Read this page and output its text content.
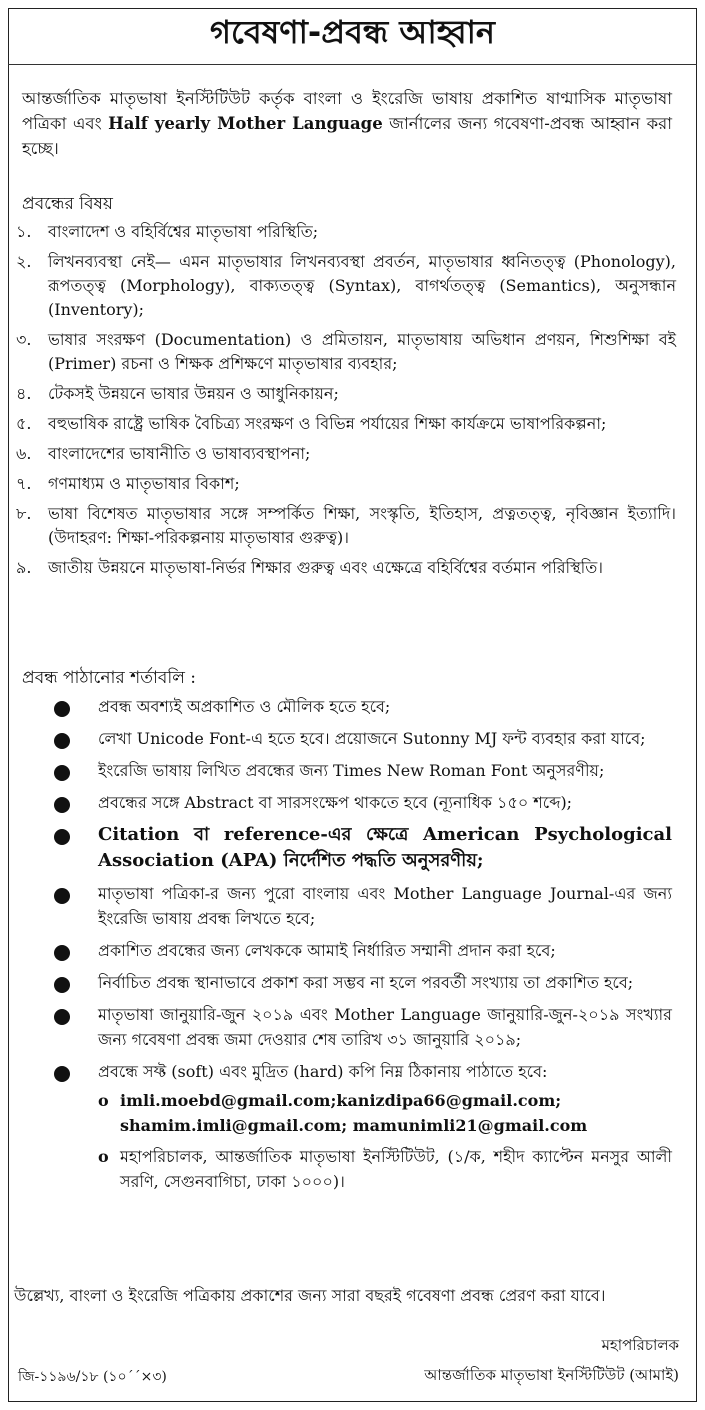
গবেষণা-প্রবন্ধ আহ্বান

আন্তর্জাতিক মাতৃভাষা ইনস্টিটিউট কর্তৃক বাংলা ও ইংরেজি ভাষায় প্রকাশিত ষাণ্মাসিক মাতৃভাষা পত্রিকা এবং Half yearly Mother Language জার্নালের জন্য গবেষণা-প্রবন্ধ আহ্বান করা হচ্ছে।

প্রবন্ধের বিষয়
১.	বাংলাদেশ ও বহির্বিশ্বের মাতৃভাষা পরিস্থিতি;
২.	লিখনব্যবস্থা নেই— এমন মাতৃভাষার লিখনব্যবস্থা প্রবর্তন, মাতৃভাষার ধ্বনিতত্ত্ব (Phonology), রূপতত্ত্ব (Morphology), বাক্যতত্ত্ব (Syntax), বাগর্থতত্ত্ব (Semantics), অনুসন্ধান (Inventory);
৩.	ভাষার সংরক্ষণ (Documentation) ও প্রমিতায়ন, মাতৃভাষায় অভিধান প্রণয়ন, শিশুশিক্ষা বই (Primer) রচনা ও শিক্ষক প্রশিক্ষণে মাতৃভাষার ব্যবহার;
৪.	টেকসই উন্নয়নে ভাষার উন্নয়ন ও আধুনিকায়ন;
৫.	বহুভাষিক রাষ্ট্রে ভাষিক বৈচিত্র্য সংরক্ষণ ও বিভিন্ন পর্যায়ের শিক্ষা কার্যক্রমে ভাষাপরিকল্পনা;
৬.	বাংলাদেশের ভাষানীতি ও ভাষাব্যবস্থাপনা;
৭.	গণমাধ্যম ও মাতৃভাষার বিকাশ;
৮.	ভাষা বিশেষত মাতৃভাষার সঙ্গে সম্পর্কিত শিক্ষা, সংস্কৃতি, ইতিহাস, প্রত্নতত্ত্ব, নৃবিজ্ঞান ইত্যাদি। (উদাহরণ: শিক্ষা-পরিকল্পনায় মাতৃভাষার গুরুত্ব)।
৯.	জাতীয় উন্নয়নে মাতৃভাষা-নির্ভর শিক্ষার গুরুত্ব এবং এক্ষেত্রে বহির্বিশ্বের বর্তমান পরিস্থিতি।
প্রবন্ধ পাঠানোর শর্তাবলি :
প্রবন্ধ অবশ্যই অপ্রকাশিত ও মৌলিক হতে হবে;
লেখা Unicode Font-এ হতে হবে। প্রয়োজনে Sutonny MJ ফন্ট ব্যবহার করা যাবে;
ইংরেজি ভাষায় লিখিত প্রবন্ধের জন্য Times New Roman Font অনুসরণীয়;
প্রবন্ধের সঙ্গে Abstract বা সারসংক্ষেপ থাকতে হবে (ন্যূনাধিক ১৫০ শব্দে);
Citation বা reference-এর ক্ষেত্রে American Psychological Association (APA) নির্দেশিত পদ্ধতি অনুসরণীয়;
মাতৃভাষা পত্রিকা-র জন্য পুরো বাংলায় এবং Mother Language Journal-এর জন্য ইংরেজি ভাষায় প্রবন্ধ লিখতে হবে;
প্রকাশিত প্রবন্ধের জন্য লেখককে আমাই নির্ধারিত সম্মানী প্রদান করা হবে;
নির্বাচিত প্রবন্ধ স্থানাভাবে প্রকাশ করা সম্ভব না হলে পরবর্তী সংখ্যায় তা প্রকাশিত হবে;
মাতৃভাষা জানুয়ারি-জুন ২০১৯ এবং Mother Language জানুয়ারি-জুন-২০১৯ সংখ্যার জন্য গবেষণা প্রবন্ধ জমা দেওয়ার শেষ তারিখ ৩১ জানুয়ারি ২০১৯;
প্রবন্ধে সফ্ট (soft) এবং মুদ্রিত (hard) কপি নিম্ন ঠিকানায় পাঠাতে হবে:
o imli.moebd@gmail.com;kanizdipa66@gmail.com; shamim.imli@gmail.com; mamunimli21@gmail.com
o মহাপরিচালক, আন্তর্জাতিক মাতৃভাষা ইনস্টিটিউট, (১/ক, শহীদ ক্যাপ্টেন মনসুর আলী সরণি, সেগুনবাগিচা, ঢাকা ১০০০)।

উল্লেখ্য, বাংলা ও ইংরেজি পত্রিকায় প্রকাশের জন্য সারা বছরই গবেষণা প্রবন্ধ প্রেরণ করা যাবে।

মহাপরিচালক
আন্তর্জাতিক মাতৃভাষা ইনস্টিটিউট (আমাই)
জি-১১৯৬/১৮ (১০´´×৩)
